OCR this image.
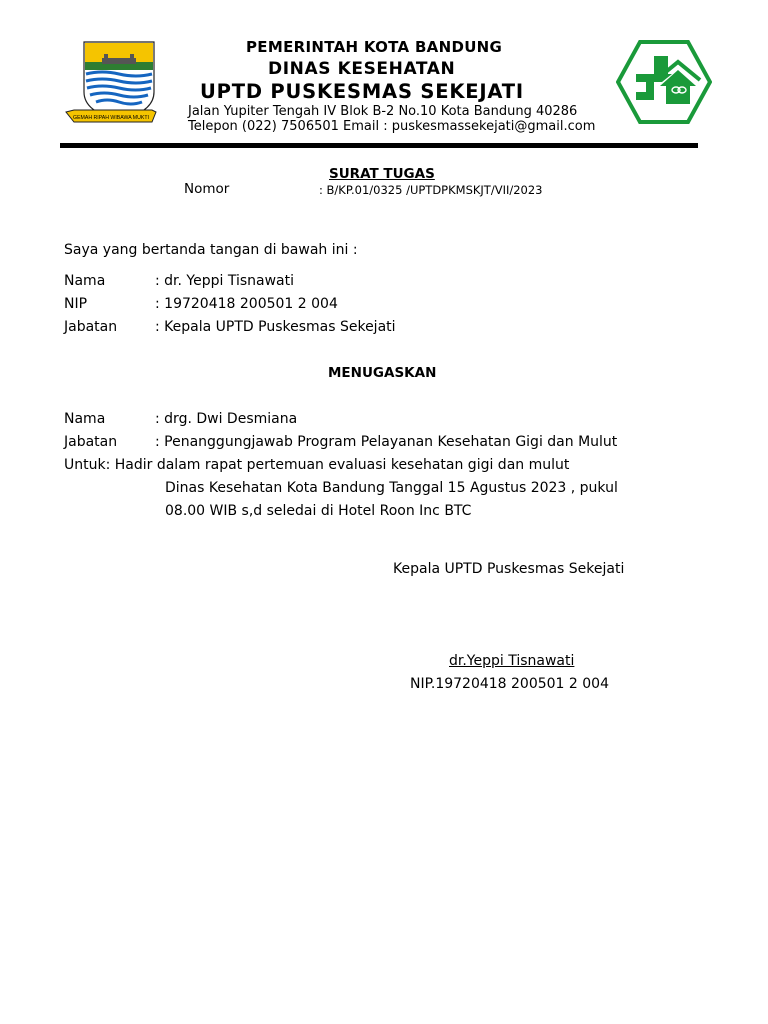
GEMAH RIPAH WIBAWA MUKTI
PEMERINTAH KOTA BANDUNG
DINAS KESEHATAN
UPTD PUSKESMAS SEKEJATI
Jalan Yupiter Tengah IV Blok B-2 No.10 Kota Bandung 40286
Telepon (022) 7506501 Email : puskesmassekejati@gmail.com
SURAT TUGAS
Nomor	: B/KP.01/0325 /UPTDPKMSKJT/VII/2023
Saya yang bertanda tangan di bawah ini :
Nama	: dr. Yeppi Tisnawati
NIP	: 19720418 200501 2 004
Jabatan	: Kepala UPTD Puskesmas Sekejati
MENUGASKAN
Nama	: drg. Dwi Desmiana
Jabatan	: Penanggungjawab Program Pelayanan Kesehatan Gigi dan Mulut
Untuk: Hadir dalam rapat pertemuan evaluasi kesehatan gigi dan mulut
Dinas Kesehatan Kota Bandung Tanggal 15 Agustus 2023 , pukul
08.00 WIB s,d seledai di Hotel Roon Inc BTC
Kepala UPTD Puskesmas Sekejati
dr.Yeppi Tisnawati
NIP.19720418 200501 2 004
